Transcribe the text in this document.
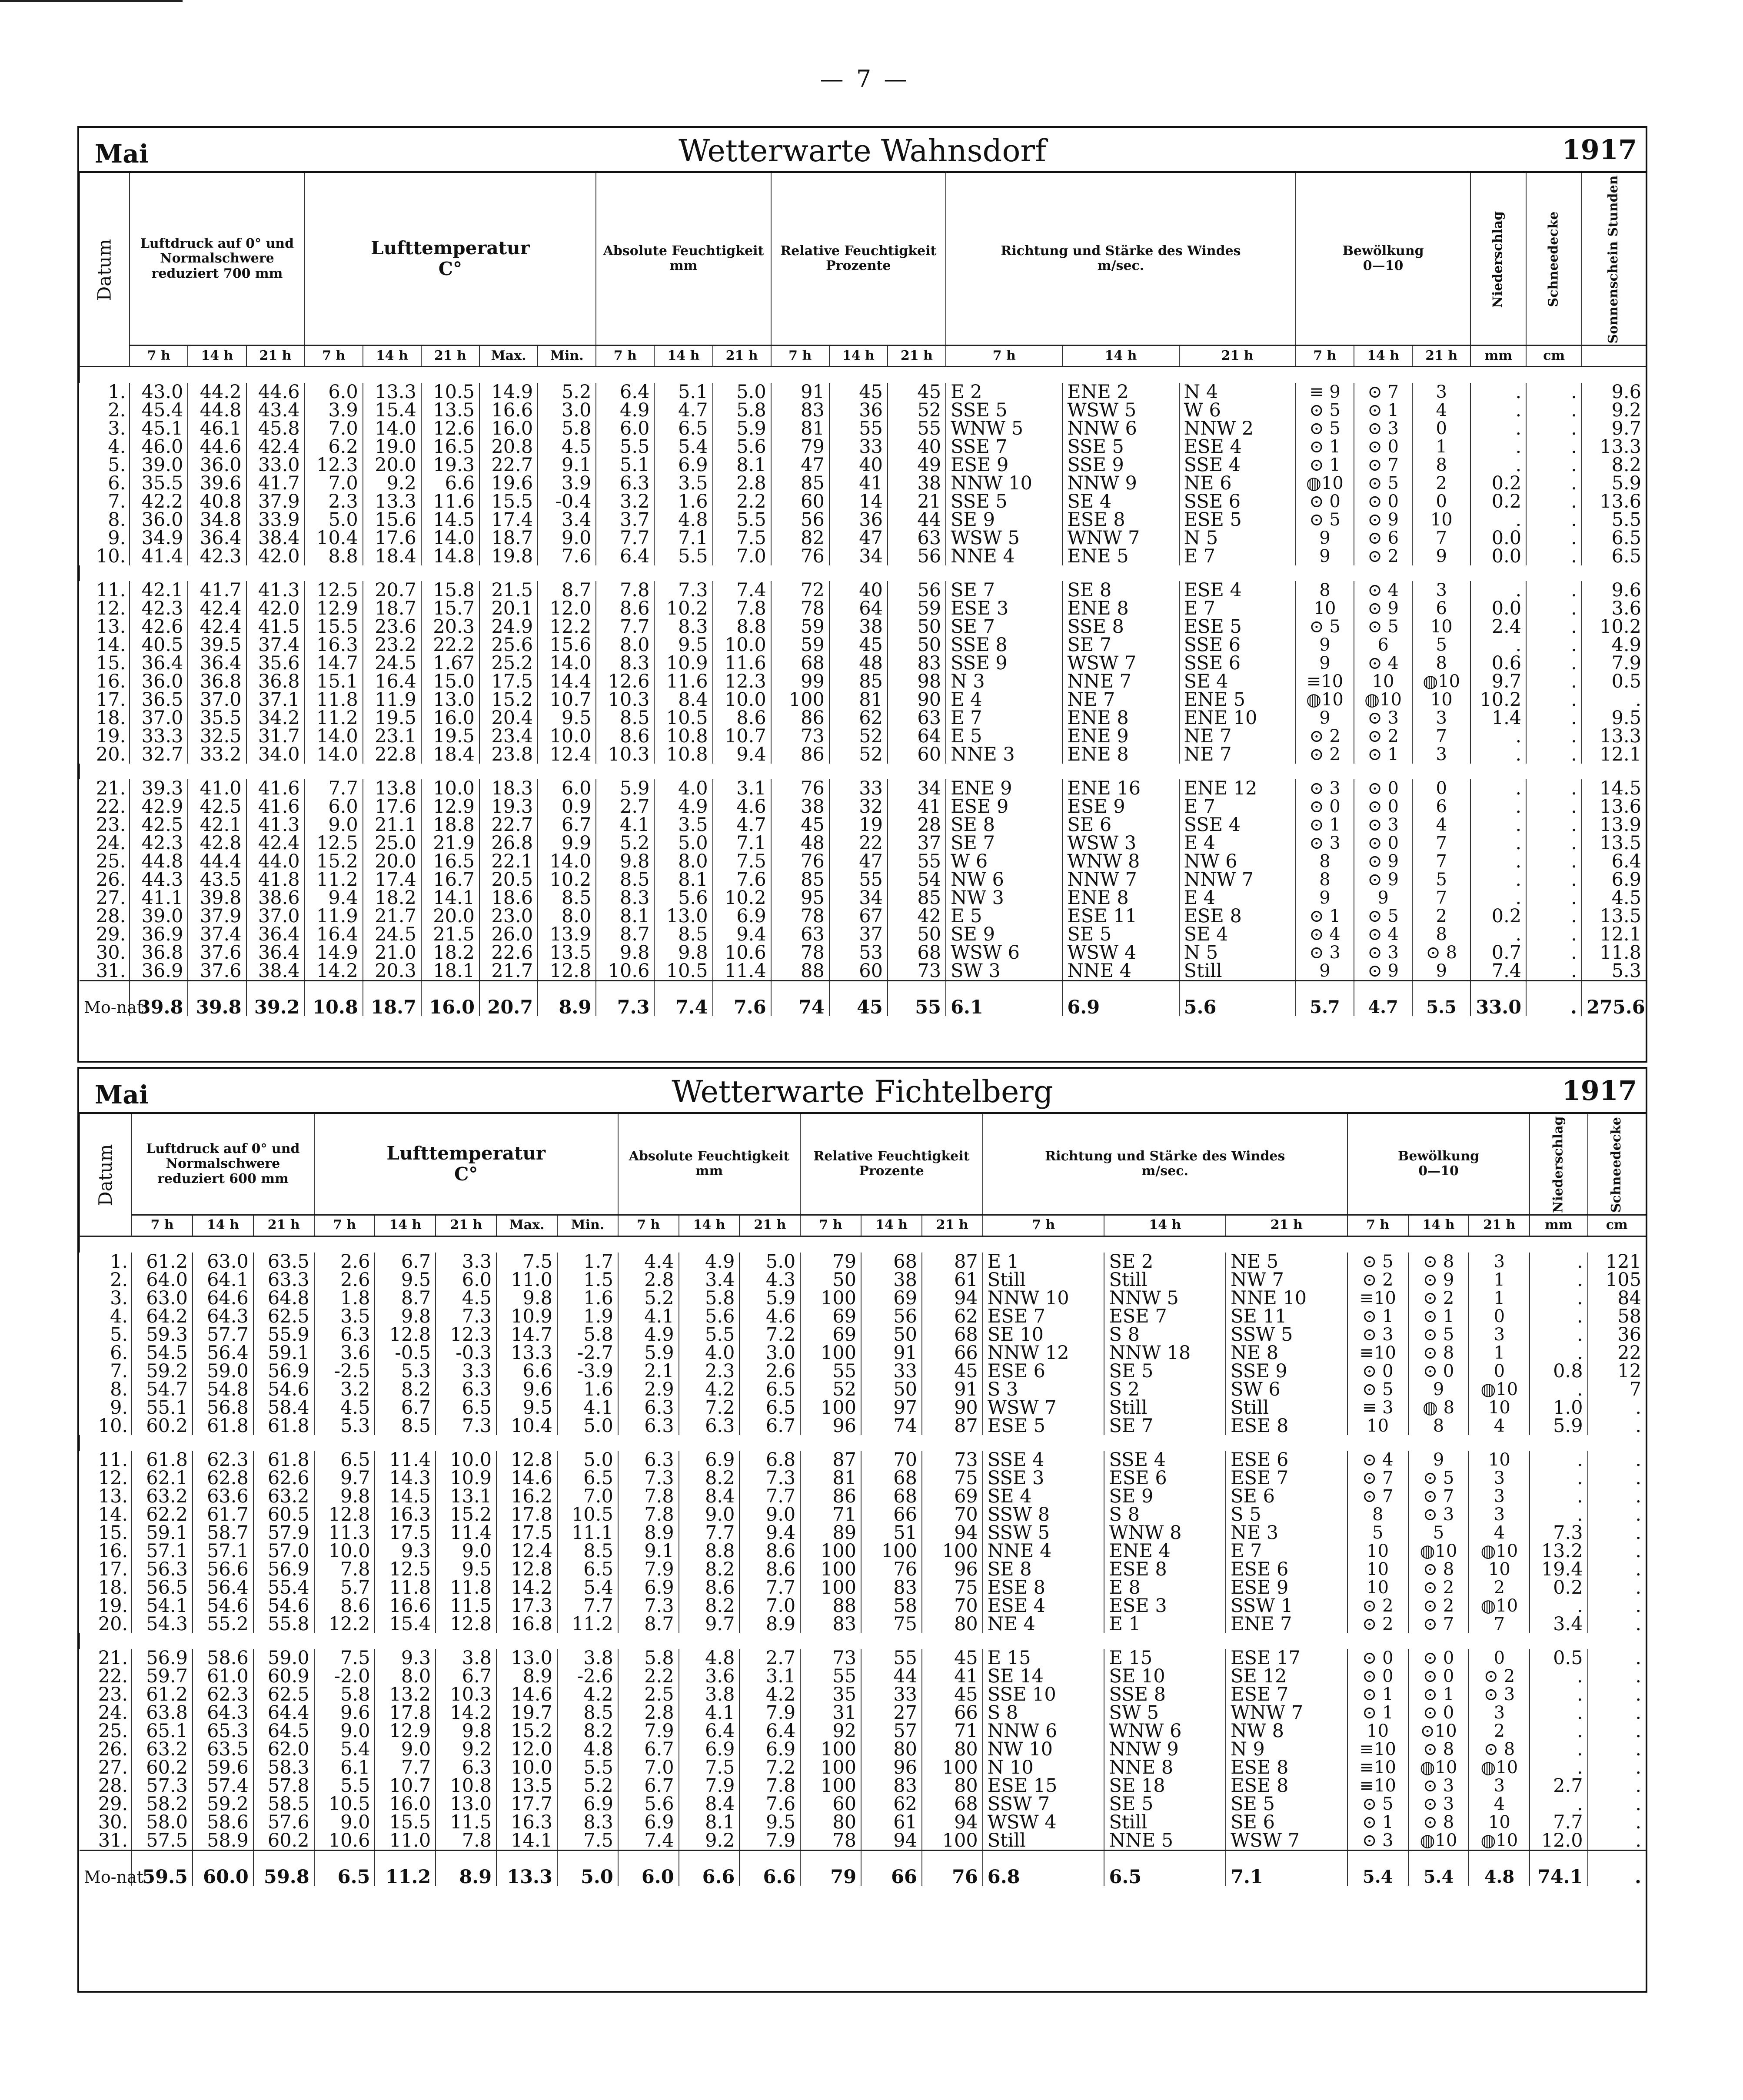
— 7 —
Mai	Wetterwarte Wahnsdorf	1917
Datum	Luftdruck auf 0° und Normalschwere reduziert 700 mm			Lufttemperatur
C°					Absolute Feuchtigkeit
mm			Relative Feuchtigkeit
Prozente			Richtung und Stärke des Windes
m/sec.			Bewölkung
0—10			Niederschlag	Schneedecke	Sonnenschein Stunden
	7 h	14 h	21 h	7 h	14 h	21 h	Max.	Min.	7 h	14 h	21 h	7 h	14 h	21 h	7 h	14 h	21 h	7 h	14 h	21 h	mm	cm	

1.	43.0	44.2	44.6	6.0	13.3	10.5	14.9	5.2	6.4	5.1	5.0	91	45	45	E 2	ENE 2	N 4	≡ 9	⊙ 7	3	.	.	9.6
2.	45.4	44.8	43.4	3.9	15.4	13.5	16.6	3.0	4.9	4.7	5.8	83	36	52	SSE 5	WSW 5	W 6	⊙ 5	⊙ 1	4	.	.	9.2
3.	45.1	46.1	45.8	7.0	14.0	12.6	16.0	5.8	6.0	6.5	5.9	81	55	55	WNW 5	NNW 6	NNW 2	⊙ 5	⊙ 3	0	.	.	9.7
4.	46.0	44.6	42.4	6.2	19.0	16.5	20.8	4.5	5.5	5.4	5.6	79	33	40	SSE 7	SSE 5	ESE 4	⊙ 1	⊙ 0	1	.	.	13.3
5.	39.0	36.0	33.0	12.3	20.0	19.3	22.7	9.1	5.1	6.9	8.1	47	40	49	ESE 9	SSE 9	SSE 4	⊙ 1	⊙ 7	8	.	.	8.2
6.	35.5	39.6	41.7	7.0	9.2	6.6	19.6	3.9	6.3	3.5	2.8	85	41	38	NNW 10	NNW 9	NE 6	◍10	⊙ 5	2	0.2	.	5.9
7.	42.2	40.8	37.9	2.3	13.3	11.6	15.5	-0.4	3.2	1.6	2.2	60	14	21	SSE 5	SE 4	SSE 6	⊙ 0	⊙ 0	0	0.2	.	13.6
8.	36.0	34.8	33.9	5.0	15.6	14.5	17.4	3.4	3.7	4.8	5.5	56	36	44	SE 9	ESE 8	ESE 5	⊙ 5	⊙ 9	10	.	.	5.5
9.	34.9	36.4	38.4	10.4	17.6	14.0	18.7	9.0	7.7	7.1	7.5	82	47	63	WSW 5	WNW 7	N 5	9	⊙ 6	7	0.0	.	6.5
10.	41.4	42.3	42.0	8.8	18.4	14.8	19.8	7.6	6.4	5.5	7.0	76	34	56	NNE 4	ENE 5	E 7	9	⊙ 2	9	0.0	.	6.5

11.	42.1	41.7	41.3	12.5	20.7	15.8	21.5	8.7	7.8	7.3	7.4	72	40	56	SE 7	SE 8	ESE 4	8	⊙ 4	3	.	.	9.6
12.	42.3	42.4	42.0	12.9	18.7	15.7	20.1	12.0	8.6	10.2	7.8	78	64	59	ESE 3	ENE 8	E 7	10	⊙ 9	6	0.0	.	3.6
13.	42.6	42.4	41.5	15.5	23.6	20.3	24.9	12.2	7.7	8.3	8.8	59	38	50	SE 7	SSE 8	ESE 5	⊙ 5	⊙ 5	10	2.4	.	10.2
14.	40.5	39.5	37.4	16.3	23.2	22.2	25.6	15.6	8.0	9.5	10.0	59	45	50	SSE 8	SE 7	SSE 6	9	6	5	.	.	4.9
15.	36.4	36.4	35.6	14.7	24.5	1.67	25.2	14.0	8.3	10.9	11.6	68	48	83	SSE 9	WSW 7	SSE 6	9	⊙ 4	8	0.6	.	7.9
16.	36.0	36.8	36.8	15.1	16.4	15.0	17.5	14.4	12.6	11.6	12.3	99	85	98	N 3	NNE 7	SE 4	≡10	10	◍10	9.7	.	0.5
17.	36.5	37.0	37.1	11.8	11.9	13.0	15.2	10.7	10.3	8.4	10.0	100	81	90	E 4	NE 7	ENE 5	◍10	◍10	10	10.2	.	.
18.	37.0	35.5	34.2	11.2	19.5	16.0	20.4	9.5	8.5	10.5	8.6	86	62	63	E 7	ENE 8	ENE 10	9	⊙ 3	3	1.4	.	9.5
19.	33.3	32.5	31.7	14.0	23.1	19.5	23.4	10.0	8.6	10.8	10.7	73	52	64	E 5	ENE 9	NE 7	⊙ 2	⊙ 2	7	.	.	13.3
20.	32.7	33.2	34.0	14.0	22.8	18.4	23.8	12.4	10.3	10.8	9.4	86	52	60	NNE 3	ENE 8	NE 7	⊙ 2	⊙ 1	3	.	.	12.1

21.	39.3	41.0	41.6	7.7	13.8	10.0	18.3	6.0	5.9	4.0	3.1	76	33	34	ENE 9	ENE 16	ENE 12	⊙ 3	⊙ 0	0	.	.	14.5
22.	42.9	42.5	41.6	6.0	17.6	12.9	19.3	0.9	2.7	4.9	4.6	38	32	41	ESE 9	ESE 9	E 7	⊙ 0	⊙ 0	6	.	.	13.6
23.	42.5	42.1	41.3	9.0	21.1	18.8	22.7	6.7	4.1	3.5	4.7	45	19	28	SE 8	SE 6	SSE 4	⊙ 1	⊙ 3	4	.	.	13.9
24.	42.3	42.8	42.4	12.5	25.0	21.9	26.8	9.9	5.2	5.0	7.1	48	22	37	SE 7	WSW 3	E 4	⊙ 3	⊙ 0	7	.	.	13.5
25.	44.8	44.4	44.0	15.2	20.0	16.5	22.1	14.0	9.8	8.0	7.5	76	47	55	W 6	WNW 8	NW 6	8	⊙ 9	7	.	.	6.4
26.	44.3	43.5	41.8	11.2	17.4	16.7	20.5	10.2	8.5	8.1	7.6	85	55	54	NW 6	NNW 7	NNW 7	8	⊙ 9	5	.	.	6.9
27.	41.1	39.8	38.6	9.4	18.2	14.1	18.6	8.5	8.3	5.6	10.2	95	34	85	NW 3	ENE 8	E 4	9	9	7	.	.	4.5
28.	39.0	37.9	37.0	11.9	21.7	20.0	23.0	8.0	8.1	13.0	6.9	78	67	42	E 5	ESE 11	ESE 8	⊙ 1	⊙ 5	2	0.2	.	13.5
29.	36.9	37.4	36.4	16.4	24.5	21.5	26.0	13.9	8.7	8.5	9.4	63	37	50	SE 9	SE 5	SE 4	⊙ 4	⊙ 4	8	.	.	12.1
30.	36.8	37.6	36.4	14.9	21.0	18.2	22.6	13.5	9.8	9.8	10.6	78	53	68	WSW 6	WSW 4	N 5	⊙ 3	⊙ 3	⊙ 8	0.7	.	11.8
31.	36.9	37.6	38.4	14.2	20.3	18.1	21.7	12.8	10.6	10.5	11.4	88	60	73	SW 3	NNE 4	Still	9	⊙ 9	9	7.4	.	5.3
Mo-nat	39.8	39.8	39.2	10.8	18.7	16.0	20.7	8.9	7.3	7.4	7.6	74	45	55	6.1	6.9	5.6	5.7	4.7	5.5	33.0	.	275.6
Mai	Wetterwarte Fichtelberg	1917
Datum	Luftdruck auf 0° und Normalschwere reduziert 600 mm			Lufttemperatur
C°					Absolute Feuchtigkeit
mm			Relative Feuchtigkeit
Prozente			Richtung und Stärke des Windes
m/sec.			Bewölkung
0—10			Niederschlag	Schneedecke
	7 h	14 h	21 h	7 h	14 h	21 h	Max.	Min.	7 h	14 h	21 h	7 h	14 h	21 h	7 h	14 h	21 h	7 h	14 h	21 h	mm	cm

1.	61.2	63.0	63.5	2.6	6.7	3.3	7.5	1.7	4.4	4.9	5.0	79	68	87	E 1	SE 2	NE 5	⊙ 5	⊙ 8	3	.	121
2.	64.0	64.1	63.3	2.6	9.5	6.0	11.0	1.5	2.8	3.4	4.3	50	38	61	Still	Still	NW 7	⊙ 2	⊙ 9	1	.	105
3.	63.0	64.6	64.8	1.8	8.7	4.5	9.8	1.6	5.2	5.8	5.9	100	69	94	NNW 10	NNW 5	NNE 10	≡10	⊙ 2	1	.	84
4.	64.2	64.3	62.5	3.5	9.8	7.3	10.9	1.9	4.1	5.6	4.6	69	56	62	ESE 7	ESE 7	SE 11	⊙ 1	⊙ 1	0	.	58
5.	59.3	57.7	55.9	6.3	12.8	12.3	14.7	5.8	4.9	5.5	7.2	69	50	68	SE 10	S 8	SSW 5	⊙ 3	⊙ 5	3	.	36
6.	54.5	56.4	59.1	3.6	-0.5	-0.3	13.3	-2.7	5.9	4.0	3.0	100	91	66	NNW 12	NNW 18	NE 8	≡10	⊙ 8	1	.	22
7.	59.2	59.0	56.9	-2.5	5.3	3.3	6.6	-3.9	2.1	2.3	2.6	55	33	45	ESE 6	SE 5	SSE 9	⊙ 0	⊙ 0	0	0.8	12
8.	54.7	54.8	54.6	3.2	8.2	6.3	9.6	1.6	2.9	4.2	6.5	52	50	91	S 3	S 2	SW 6	⊙ 5	9	◍10	.	7
9.	55.1	56.8	58.4	4.5	6.7	6.5	9.5	4.1	6.3	7.2	6.5	100	97	90	WSW 7	Still	Still	≡ 3	◍ 8	10	1.0	.
10.	60.2	61.8	61.8	5.3	8.5	7.3	10.4	5.0	6.3	6.3	6.7	96	74	87	ESE 5	SE 7	ESE 8	10	8	4	5.9	.

11.	61.8	62.3	61.8	6.5	11.4	10.0	12.8	5.0	6.3	6.9	6.8	87	70	73	SSE 4	SSE 4	ESE 6	⊙ 4	9	10	.	.
12.	62.1	62.8	62.6	9.7	14.3	10.9	14.6	6.5	7.3	8.2	7.3	81	68	75	SSE 3	ESE 6	ESE 7	⊙ 7	⊙ 5	3	.	.
13.	63.2	63.6	63.2	9.8	14.5	13.1	16.2	7.0	7.8	8.4	7.7	86	68	69	SE 4	SE 9	SE 6	⊙ 7	⊙ 7	3	.	.
14.	62.2	61.7	60.5	12.8	16.3	15.2	17.8	10.5	7.8	9.0	9.0	71	66	70	SSW 8	S 8	S 5	8	⊙ 3	3	.	.
15.	59.1	58.7	57.9	11.3	17.5	11.4	17.5	11.1	8.9	7.7	9.4	89	51	94	SSW 5	WNW 8	NE 3	5	5	4	7.3	.
16.	57.1	57.1	57.0	10.0	9.3	9.0	12.4	8.5	9.1	8.8	8.6	100	100	100	NNE 4	ENE 4	E 7	10	◍10	◍10	13.2	.
17.	56.3	56.6	56.9	7.8	12.5	9.5	12.8	6.5	7.9	8.2	8.6	100	76	96	SE 8	ESE 8	ESE 6	10	⊙ 8	10	19.4	.
18.	56.5	56.4	55.4	5.7	11.8	11.8	14.2	5.4	6.9	8.6	7.7	100	83	75	ESE 8	E 8	ESE 9	10	⊙ 2	2	0.2	.
19.	54.1	54.6	54.6	8.6	16.6	11.5	17.3	7.7	7.3	8.2	7.0	88	58	70	ESE 4	ESE 3	SSW 1	⊙ 2	⊙ 2	◍10	.	.
20.	54.3	55.2	55.8	12.2	15.4	12.8	16.8	11.2	8.7	9.7	8.9	83	75	80	NE 4	E 1	ENE 7	⊙ 2	⊙ 7	7	3.4	.

21.	56.9	58.6	59.0	7.5	9.3	3.8	13.0	3.8	5.8	4.8	2.7	73	55	45	E 15	E 15	ESE 17	⊙ 0	⊙ 0	0	0.5	.
22.	59.7	61.0	60.9	-2.0	8.0	6.7	8.9	-2.6	2.2	3.6	3.1	55	44	41	SE 14	SE 10	SE 12	⊙ 0	⊙ 0	⊙ 2	.	.
23.	61.2	62.3	62.5	5.8	13.2	10.3	14.6	4.2	2.5	3.8	4.2	35	33	45	SSE 10	SSE 8	ESE 7	⊙ 1	⊙ 1	⊙ 3	.	.
24.	63.8	64.3	64.4	9.6	17.8	14.2	19.7	8.5	2.8	4.1	7.9	31	27	66	S 8	SW 5	WNW 7	⊙ 1	⊙ 0	3	.	.
25.	65.1	65.3	64.5	9.0	12.9	9.8	15.2	8.2	7.9	6.4	6.4	92	57	71	NNW 6	WNW 6	NW 8	10	⊙10	2	.	.
26.	63.2	63.5	62.0	5.4	9.0	9.2	12.0	4.8	6.7	6.9	6.9	100	80	80	NW 10	NNW 9	N 9	≡10	⊙ 8	⊙ 8	.	.
27.	60.2	59.6	58.3	6.1	7.7	6.3	10.0	5.5	7.0	7.5	7.2	100	96	100	N 10	NNE 8	ESE 8	≡10	◍10	◍10	.	.
28.	57.3	57.4	57.8	5.5	10.7	10.8	13.5	5.2	6.7	7.9	7.8	100	83	80	ESE 15	SE 18	ESE 8	≡10	⊙ 3	3	2.7	.
29.	58.2	59.2	58.5	10.5	16.0	13.0	17.7	6.9	5.6	8.4	7.6	60	62	68	SSW 7	SE 5	SE 5	⊙ 5	⊙ 3	4	.	.
30.	58.0	58.6	57.6	9.0	15.5	11.5	16.3	8.3	6.9	8.1	9.5	80	61	94	WSW 4	Still	SE 6	⊙ 1	⊙ 8	10	7.7	.
31.	57.5	58.9	60.2	10.6	11.0	7.8	14.1	7.5	7.4	9.2	7.9	78	94	100	Still	NNE 5	WSW 7	⊙ 3	◍10	◍10	12.0	.
Mo-nat	59.5	60.0	59.8	6.5	11.2	8.9	13.3	5.0	6.0	6.6	6.6	79	66	76	6.8	6.5	7.1	5.4	5.4	4.8	74.1	.
